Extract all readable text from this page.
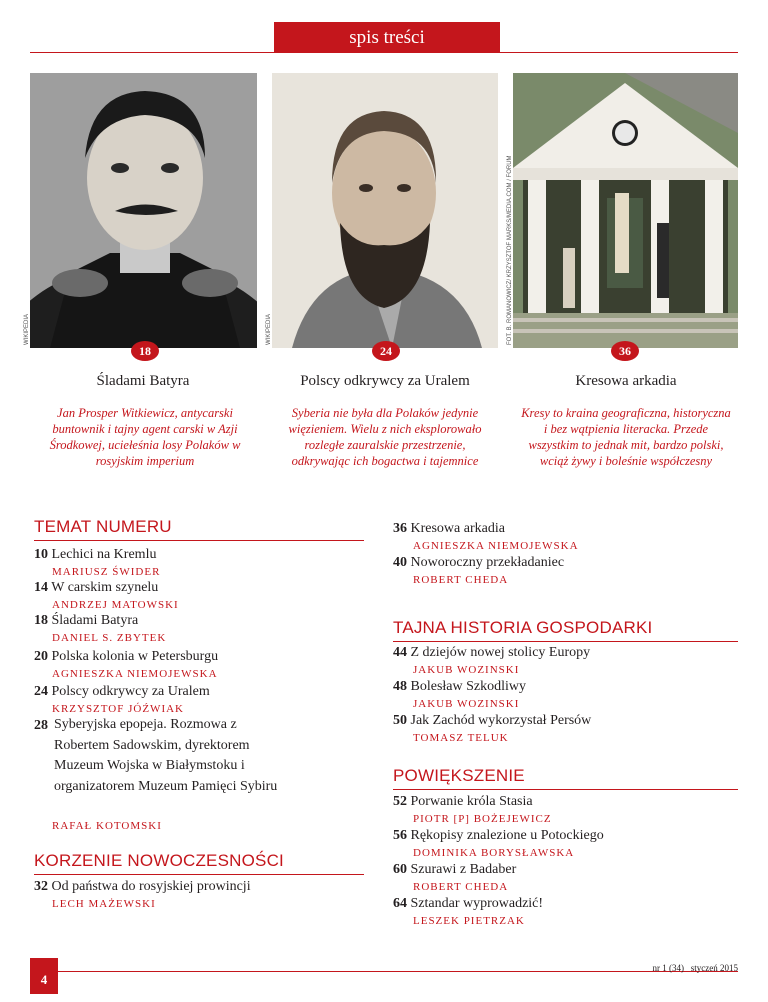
spis treści
WIKIPEDIA	WIKIPEDIA	FOT. B. ROMANOWICZ/ KRZYSZTOF MARKS/MEDIA.COM / FORUM
18	24	36
Śladami Batyra	Polscy odkrywcy za Uralem	Kresowa arkadia
Jan Prosper Witkiewicz, antycarski buntownik i tajny agent carski w Azji Środkowej, uciełeśnia losy Polaków w rosyjskim imperium
Syberia nie była dla Polaków jedynie więzieniem. Wielu z nich eksplorowało rozległe zauralskie przestrzenie, odkrywając ich bogactwa i tajemnice
Kresy to kraina geograficzna, historyczna i bez wątpienia literacka. Przede wszystkim to jednak mit, bardzo polski, wciąż żywy i boleśnie współczesny
TEMAT NUMERU
10 Lechici na Kremlu
MARIUSZ ŚWIDER
14 W carskim szynelu
ANDRZEJ MATOWSKI
18 Śladami Batyra
DANIEL S. ZBYTEK
20 Polska kolonia w Petersburgu
AGNIESZKA NIEMOJEWSKA
24 Polscy odkrywcy za Uralem
KRZYSZTOF JÓŹWIAK
28 Syberyjska epopeja. Rozmowa z Robertem Sadowskim, dyrektorem Muzeum Wojska w Białymstoku i organizatorem Muzeum Pamięci Sybiru
RAFAŁ KOTOMSKI
KORZENIE NOWOCZESNOŚCI
32 Od państwa do rosyjskiej prowincji
LECH MAŻEWSKI
36 Kresowa arkadia
AGNIESZKA NIEMOJEWSKA
40 Noworoczny przekładaniec
ROBERT CHEDA
TAJNA HISTORIA GOSPODARKI
44 Z dziejów nowej stolicy Europy
JAKUB WOZINSKI
48 Bolesław Szkodliwy
JAKUB WOZINSKI
50 Jak Zachód wykorzystał Persów
TOMASZ TELUK
POWIĘKSZENIE
52 Porwanie króla Stasia
PIOTR [P] BOŻEJEWICZ
56 Rękopisy znalezione u Potockiego
DOMINIKA BORYSŁAWSKA
60 Szurawi z Badaber
ROBERT CHEDA
64 Sztandar wyprowadzić!
LESZEK PIETRZAK
4
nr 1 (34) styczeń 2015
